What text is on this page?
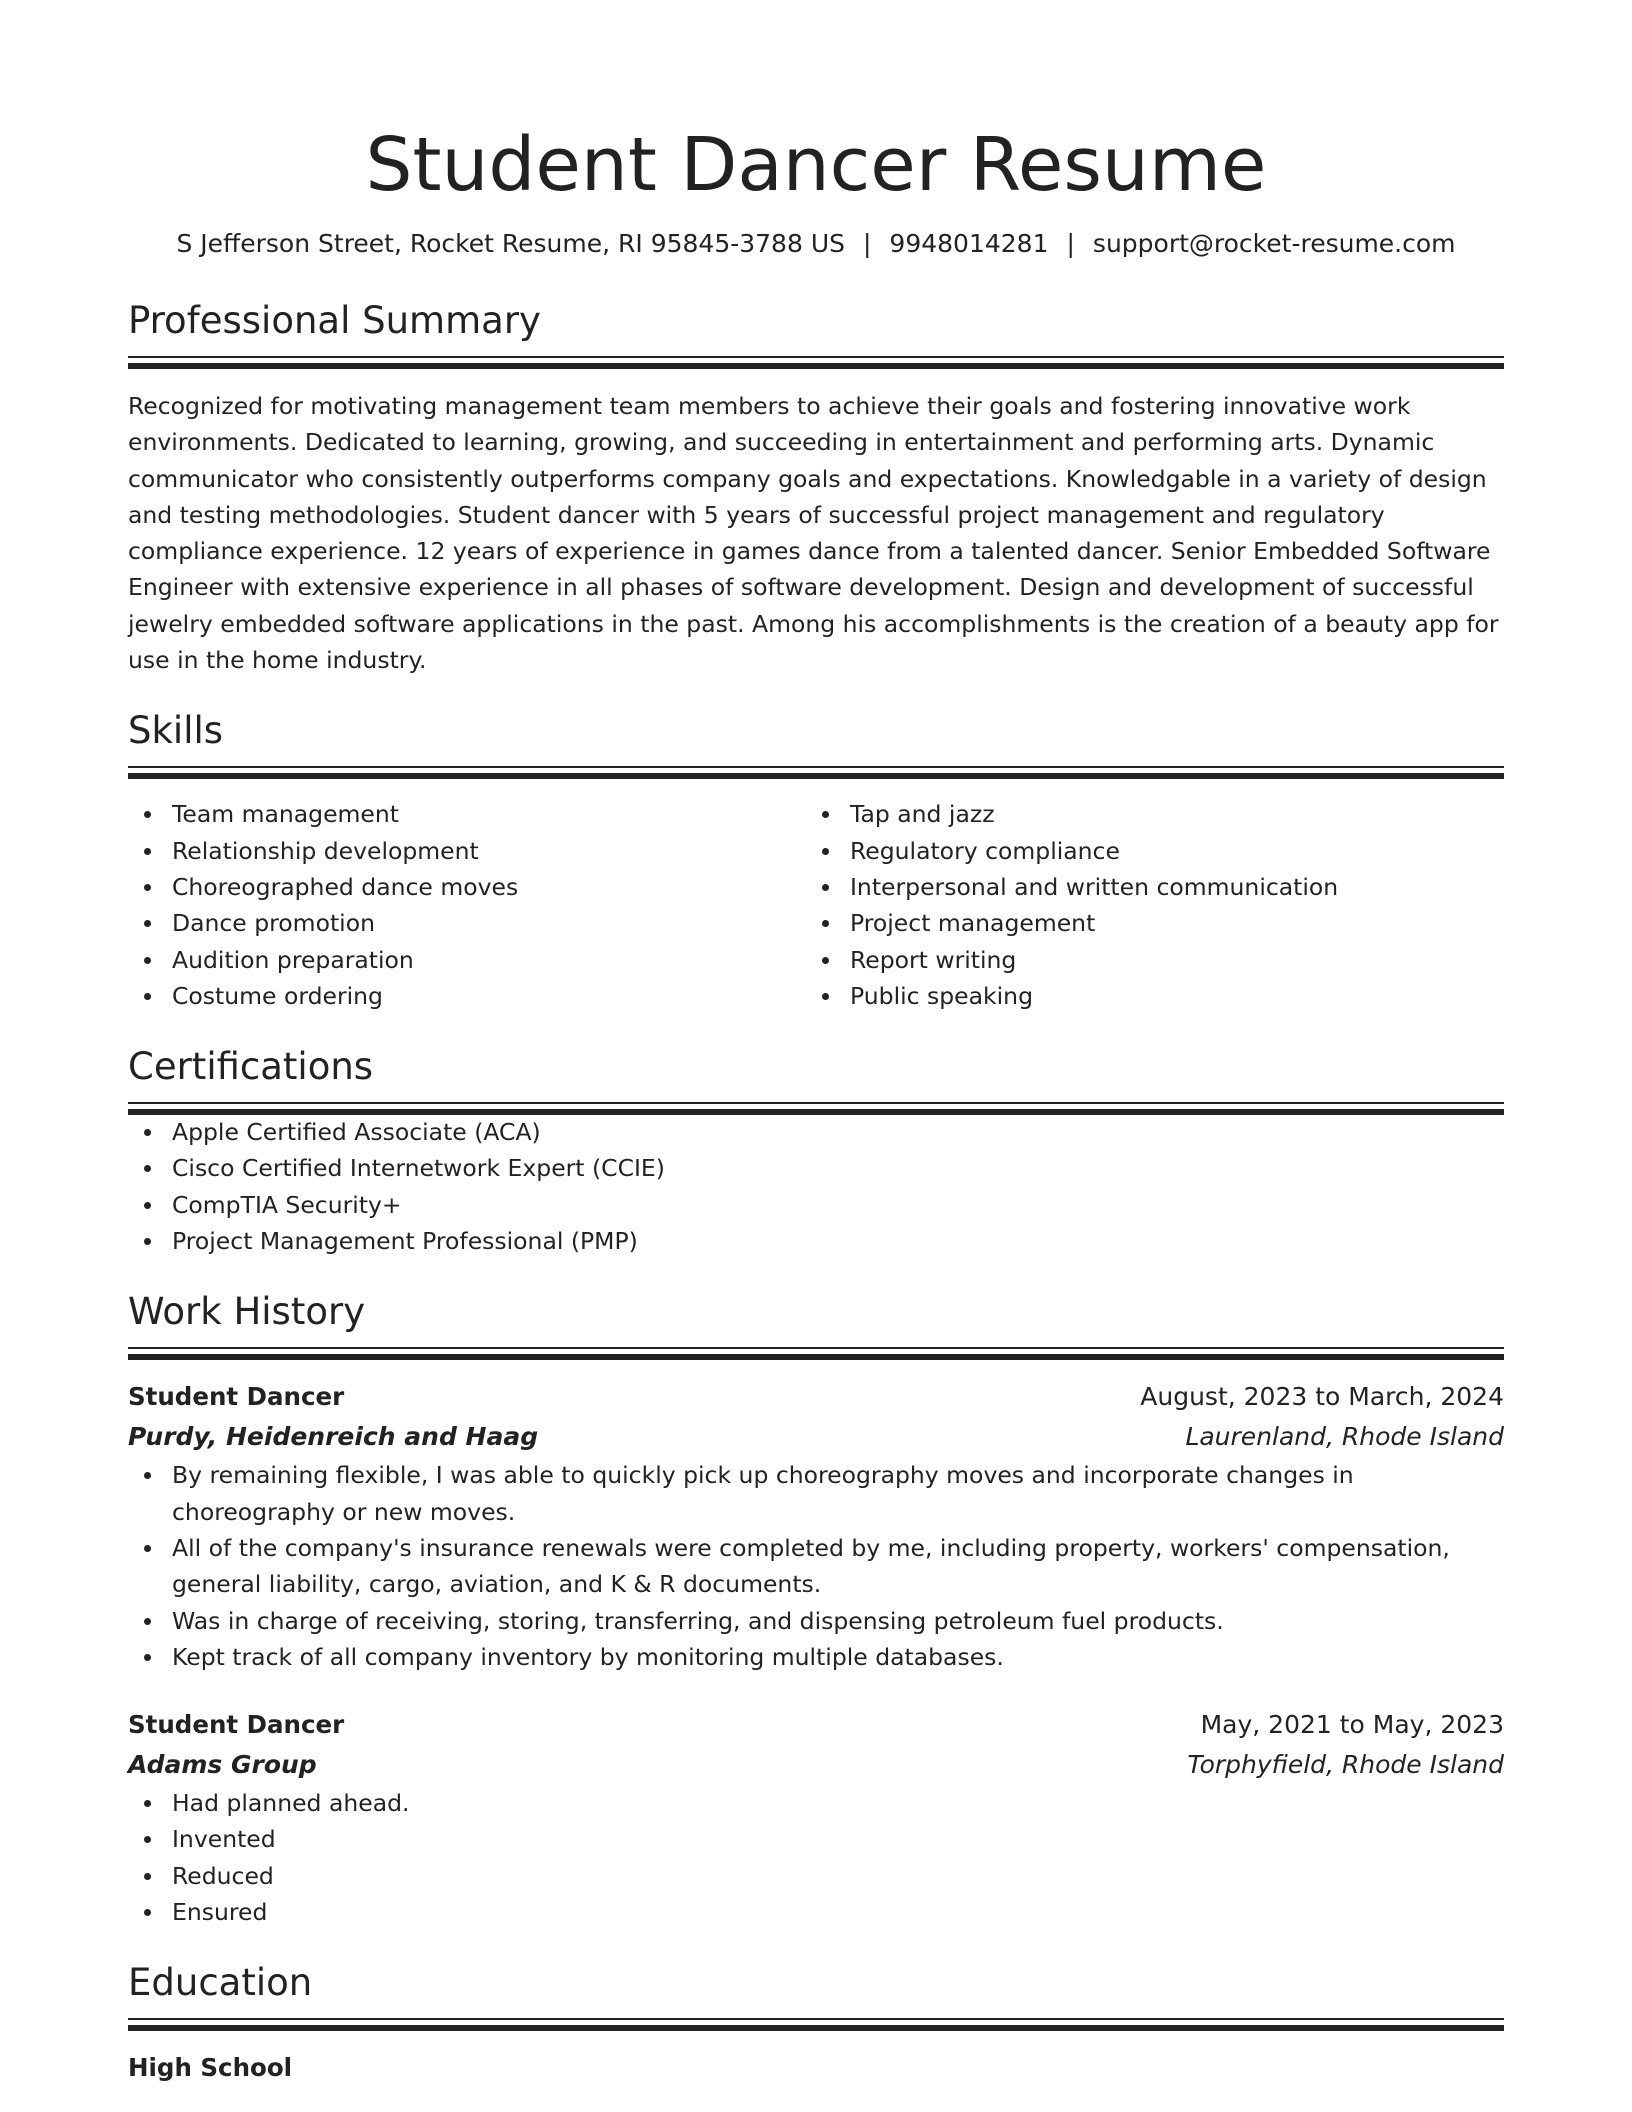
Student Dancer Resume
S Jefferson Street, Rocket Resume, RI 95845-3788 US | 9948014281 | support@rocket-resume.com
Professional Summary
Recognized for motivating management team members to achieve their goals and fostering innovative work environments. Dedicated to learning, growing, and succeeding in entertainment and performing arts. Dynamic communicator who consistently outperforms company goals and expectations. Knowledgable in a variety of design and testing methodologies. Student dancer with 5 years of successful project management and regulatory compliance experience. 12 years of experience in games dance from a talented dancer. Senior Embedded Software Engineer with extensive experience in all phases of software development. Design and development of successful jewelry embedded software applications in the past. Among his accomplishments is the creation of a beauty app for use in the home industry.
Skills
Team management
Relationship development
Choreographed dance moves
Dance promotion
Audition preparation
Costume ordering
Tap and jazz
Regulatory compliance
Interpersonal and written communication
Project management
Report writing
Public speaking
Certifications
Apple Certified Associate (ACA)
Cisco Certified Internetwork Expert (CCIE)
CompTIA Security+
Project Management Professional (PMP)
Work History
Student Dancer	August, 2023 to March, 2024
Purdy, Heidenreich and Haag	Laurenland, Rhode Island
By remaining flexible, I was able to quickly pick up choreography moves and incorporate changes in choreography or new moves.
All of the company's insurance renewals were completed by me, including property, workers' compensation, general liability, cargo, aviation, and K & R documents.
Was in charge of receiving, storing, transferring, and dispensing petroleum fuel products.
Kept track of all company inventory by monitoring multiple databases.
Student Dancer	May, 2021 to May, 2023
Adams Group	Torphyfield, Rhode Island
Had planned ahead.
Invented
Reduced
Ensured
Education
High School
